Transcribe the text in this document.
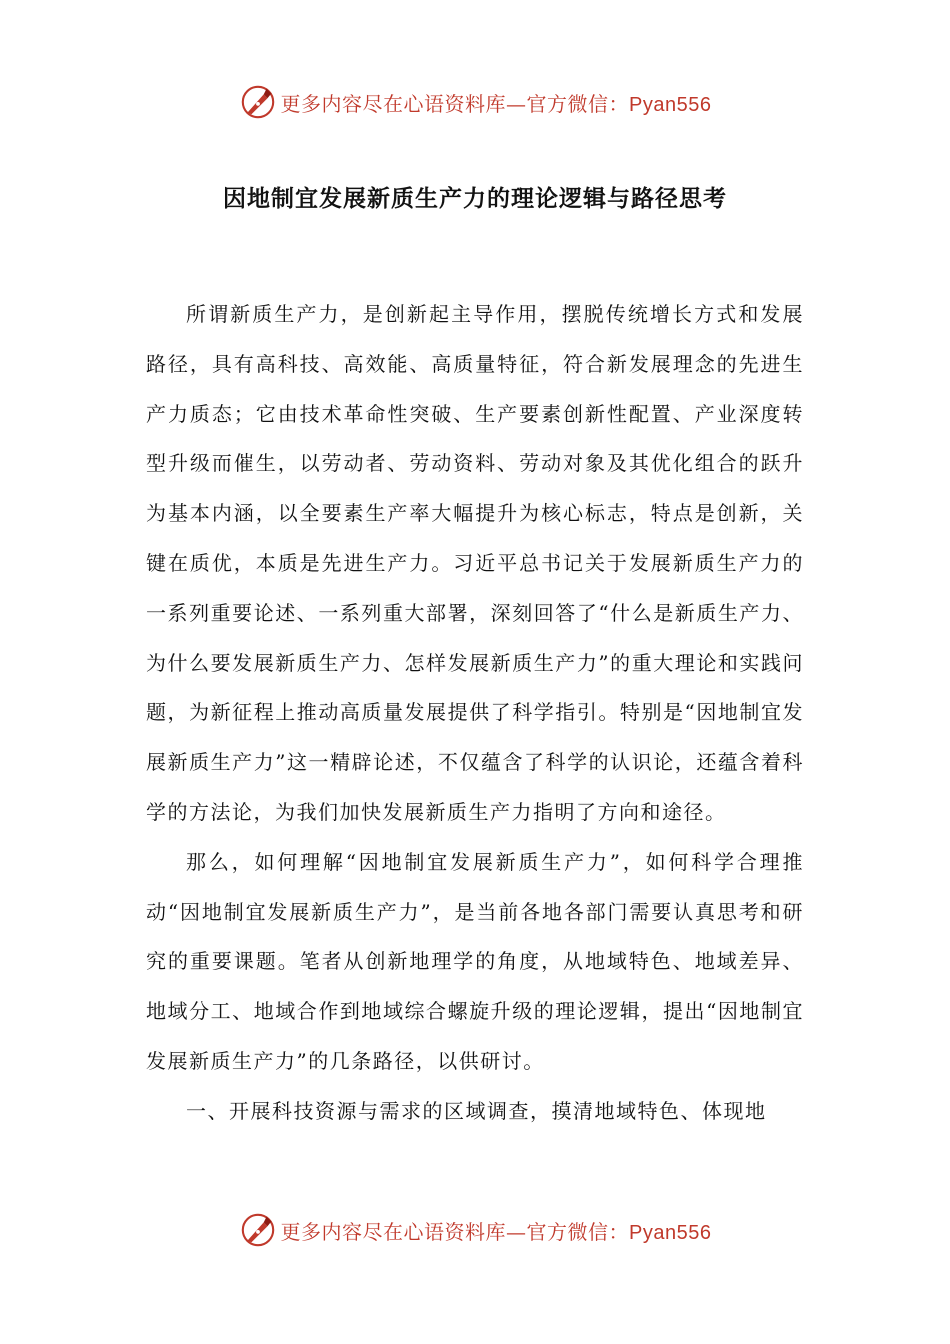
更多内容尽在心语资料库—官方微信：Pyan556
因地制宜发展新质生产力的理论逻辑与路径思考

所谓新质生产力，是创新起主导作用，摆脱传统增长方式和发展路径，具有高科技、高效能、高质量特征，符合新发展理念的先进生产力质态；它由技术革命性突破、生产要素创新性配置、产业深度转型升级而催生，以劳动者、劳动资料、劳动对象及其优化组合的跃升为基本内涵，以全要素生产率大幅提升为核心标志，特点是创新，关键在质优，本质是先进生产力。习近平总书记关于发展新质生产力的一系列重要论述、一系列重大部署，深刻回答了“什么是新质生产力、为什么要发展新质生产力、怎样发展新质生产力”的重大理论和实践问题，为新征程上推动高质量发展提供了科学指引。特别是“因地制宜发展新质生产力”这一精辟论述，不仅蕴含了科学的认识论，还蕴含着科学的方法论，为我们加快发展新质生产力指明了方向和途径。

那么，如何理解“因地制宜发展新质生产力”，如何科学合理推动“因地制宜发展新质生产力”，是当前各地各部门需要认真思考和研究的重要课题。笔者从创新地理学的角度，从地域特色、地域差异、地域分工、地域合作到地域综合螺旋升级的理论逻辑，提出“因地制宜发展新质生产力”的几条路径，以供研讨。

一、开展科技资源与需求的区域调查，摸清地域特色、体现地

更多内容尽在心语资料库—官方微信：Pyan556
